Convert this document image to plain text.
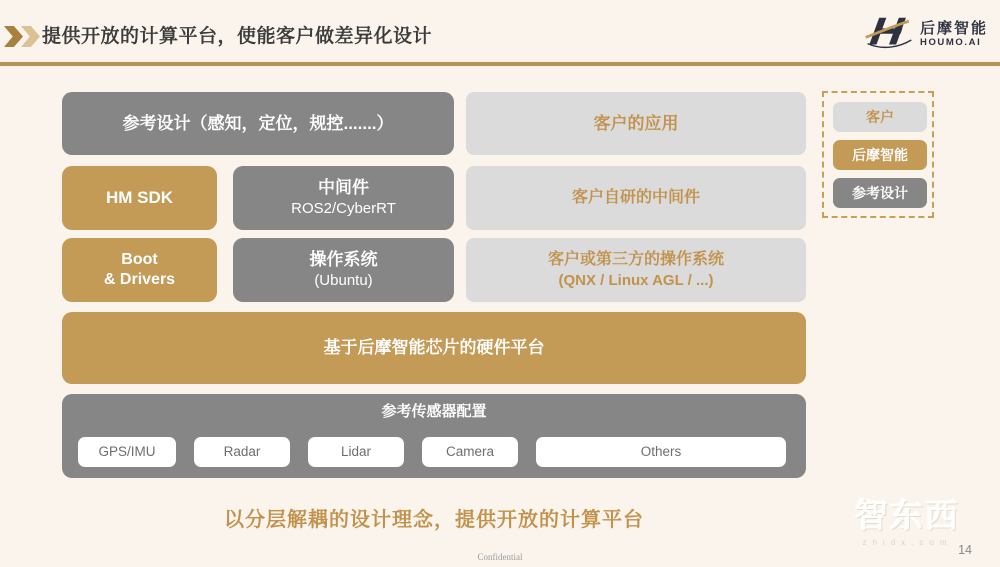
提供开放的计算平台，使能客户做差异化设计	后摩智能
HOUMO.AI
参考设计（感知，定位，规控.......）	客户的应用	客户
后摩智能
参考设计
HM SDK
中间件
ROS2/CyberRT
客户自研的中间件
Boot
& Drivers
操作系统
(Ubuntu)
客户或第三方的操作系统
(QNX / Linux AGL / ...)
基于后摩智能芯片的硬件平台
参考传感器配置
GPS/IMU	Radar	Lidar	Camera	Others
以分层解耦的设计理念，提供开放的计算平台	智东西
zhidx.com
Confidential	14
